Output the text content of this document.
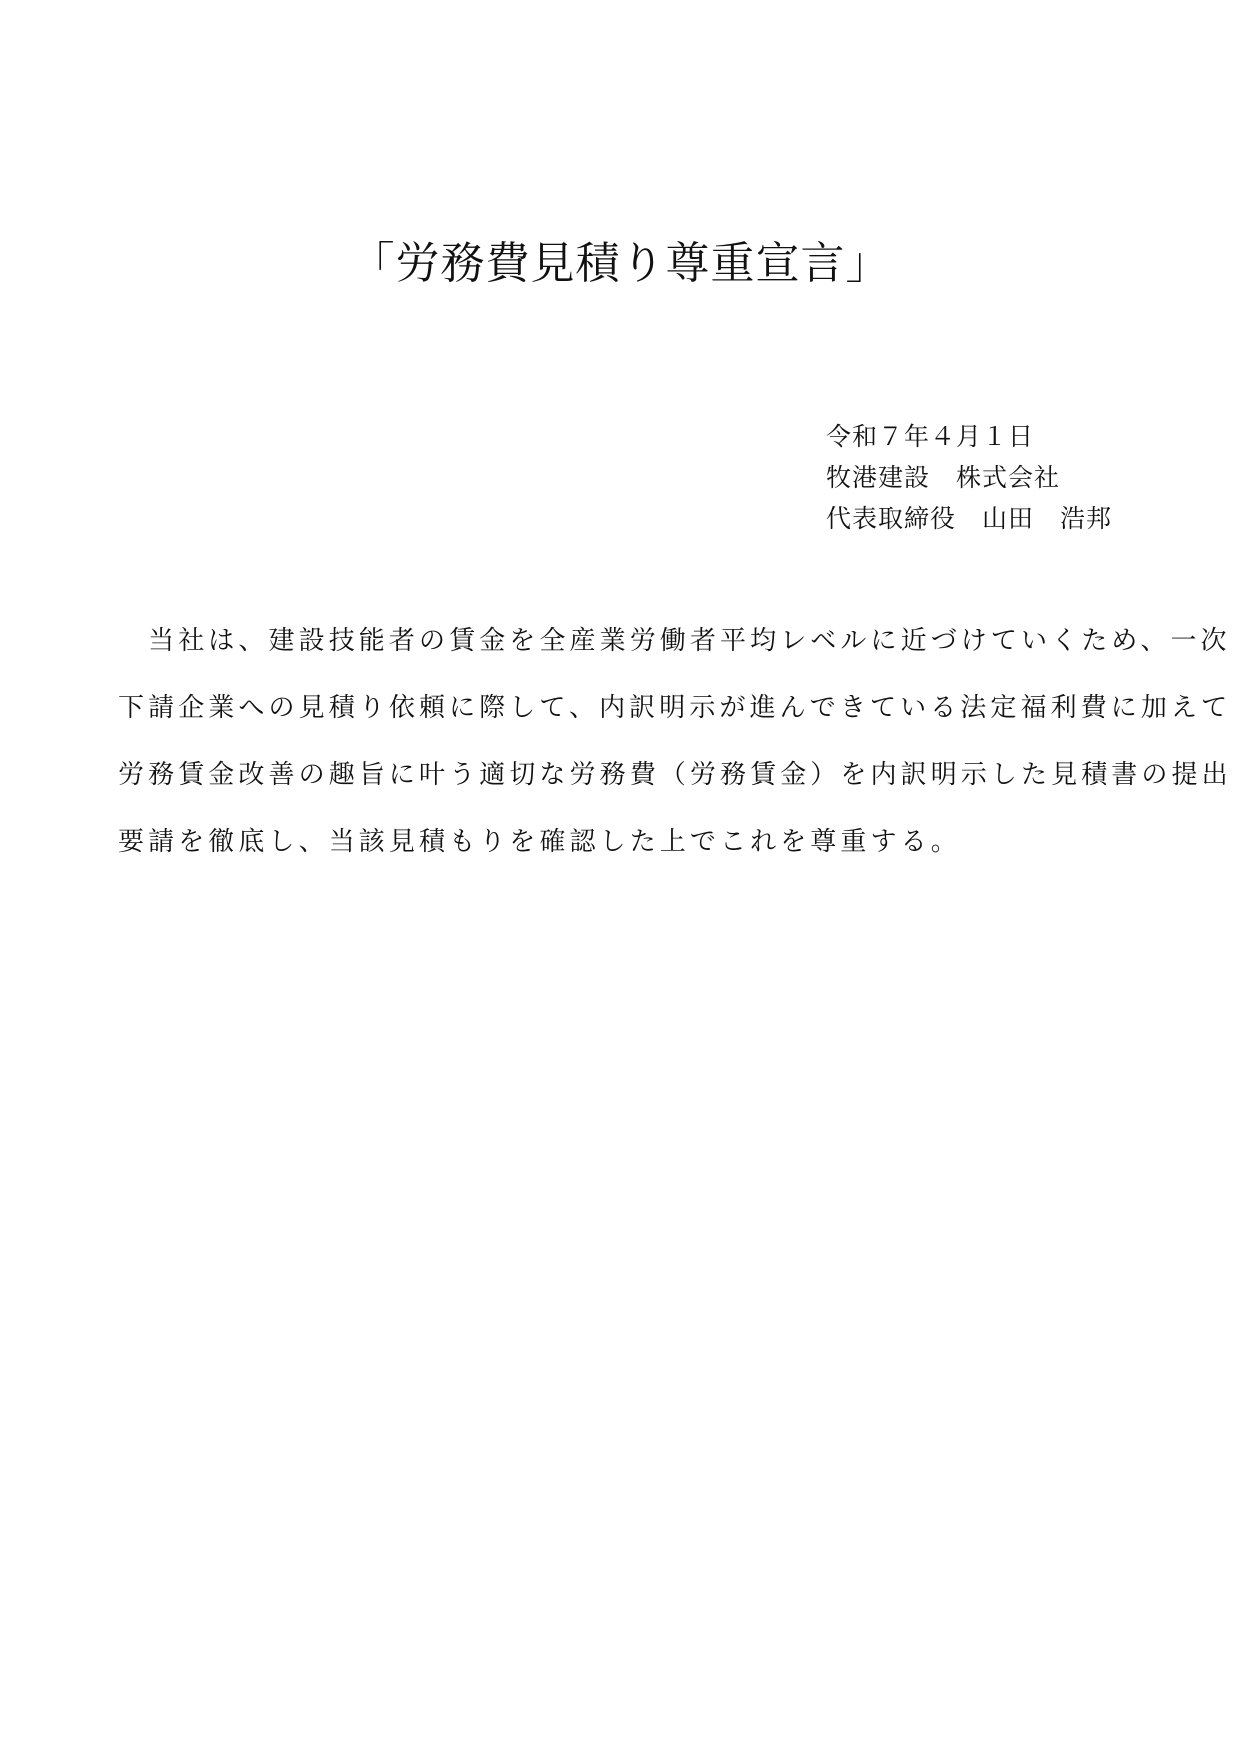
「労務費見積り尊重宣言」
令和７年４月１日
牧港建設　株式会社
代表取締役　山田　浩邦
　当社は、建設技能者の賃金を全産業労働者平均レベルに近づけていくため、一次
下請企業への見積り依頼に際して、内訳明示が進んできている法定福利費に加えて
労務賃金改善の趣旨に叶う適切な労務費（労務賃金）を内訳明示した見積書の提出
要請を徹底し、当該見積もりを確認した上でこれを尊重する。
